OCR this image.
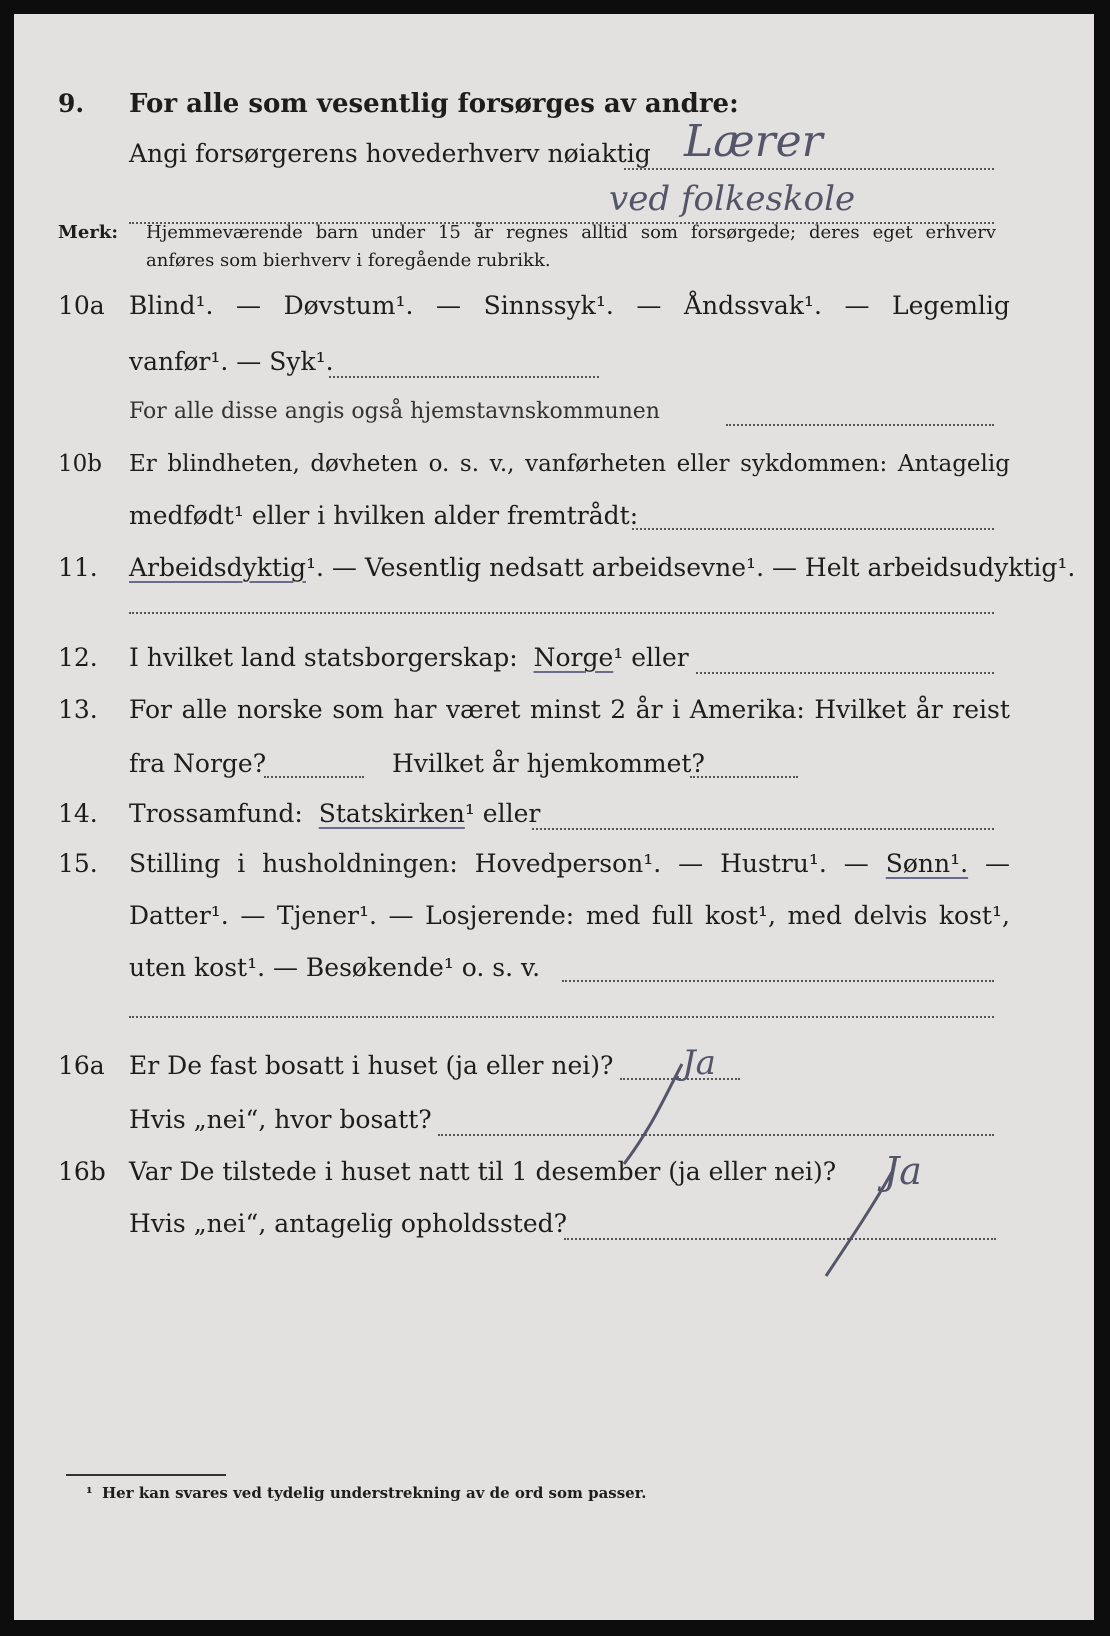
9. For alle som vesentlig forsørges av andre:
Angi forsørgerens hovederhverv nøiaktig
Merk: Hjemmeværende barn under 15 år regnes alltid som forsørgede; deres eget erhverv
anføres som bierhverv i foregående rubrikk.
10a Blind¹. — Døvstum¹. — Sinnssyk¹. — Åndssvak¹. — Legemlig
vanfør¹. — Syk¹.
For alle disse angis også hjemstavnskommunen
10b Er blindheten, døvheten o. s. v., vanførheten eller sykdommen: Antagelig
medfødt¹ eller i hvilken alder fremtrådt:
11. Arbeidsdyktig¹. — Vesentlig nedsatt arbeidsevne¹. — Helt arbeidsudyktig¹.
12. I hvilket land statsborgerskap: Norge¹ eller
13. For alle norske som har været minst 2 år i Amerika: Hvilket år reist
fra Norge?	Hvilket år hjemkommet?
14. Trossamfund: Statskirken¹ eller
15. Stilling i husholdningen: Hovedperson¹. — Hustru¹. — Sønn¹. —
Datter¹. — Tjener¹. — Losjerende: med full kost¹, med delvis kost¹,
uten kost¹. — Besøkende¹ o. s. v.
16a Er De fast bosatt i huset (ja eller nei)?
Hvis „nei“, hvor bosatt?
16b Var De tilstede i huset natt til 1 desember (ja eller nei)?
Hvis „nei“, antagelig opholdssted?
Lærer
ved folkeskole
Ja
Ja
¹ Her kan svares ved tydelig understrekning av de ord som passer.
